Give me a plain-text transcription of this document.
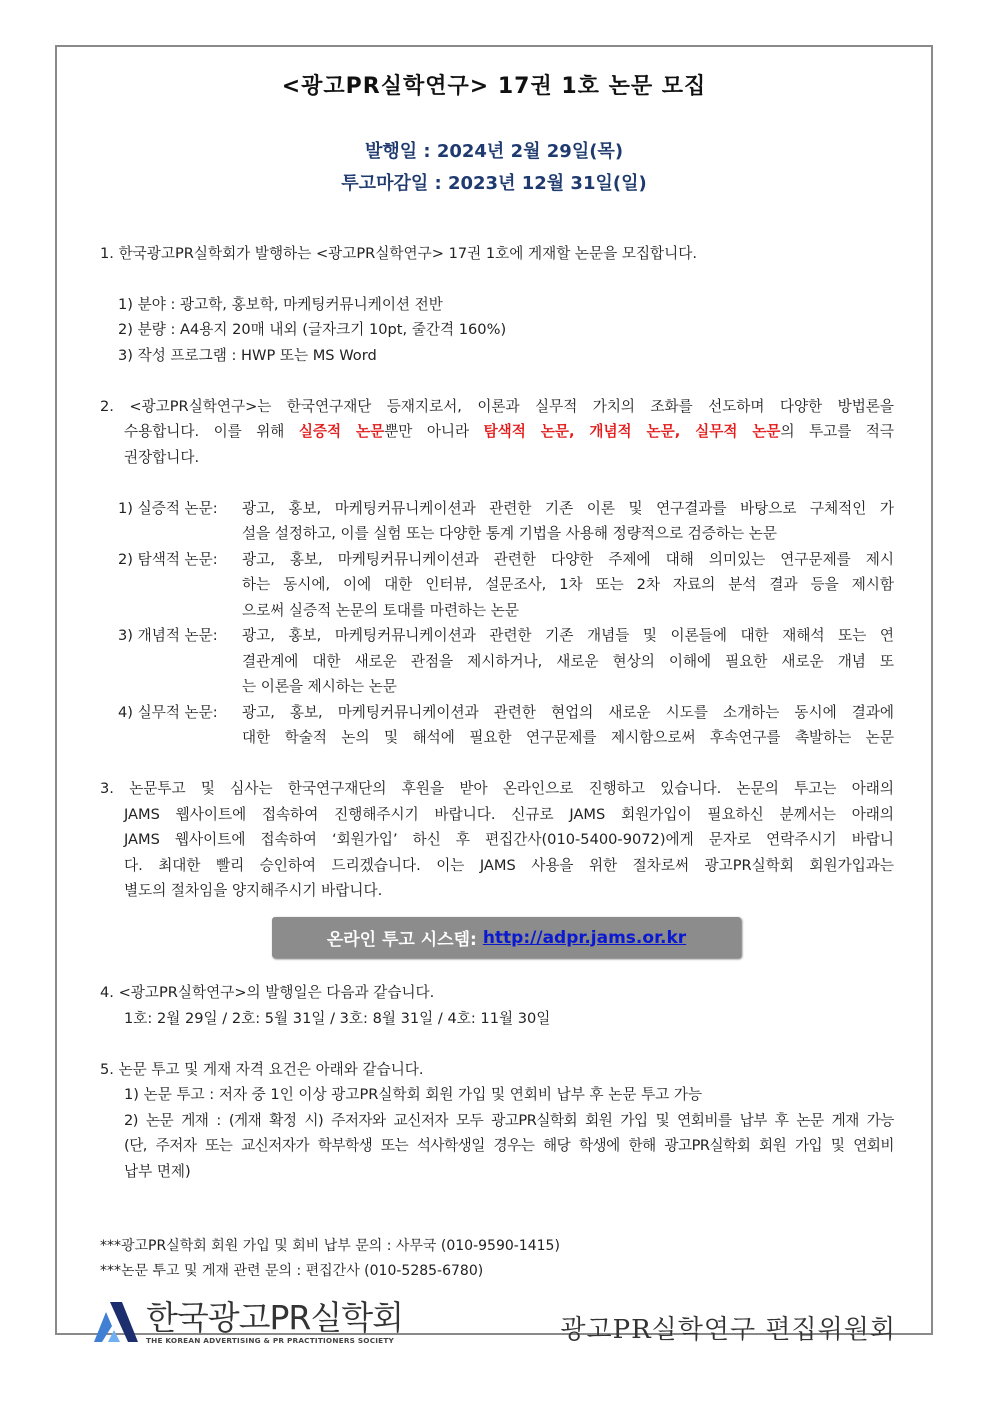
<광고PR실학연구> 17권 1호 논문 모집
발행일 : 2024년 2월 29일(목)
투고마감일 : 2023년 12월 31일(일)
1. 한국광고PR실학회가 발행하는 <광고PR실학연구> 17권 1호에 게재할 논문을 모집합니다.
1) 분야 : 광고학, 홍보학, 마케팅커뮤니케이션 전반
2) 분량 : A4용지 20매 내외 (글자크기 10pt, 줄간격 160%)
3) 작성 프로그램 : HWP 또는 MS Word
2. <광고PR실학연구>는 한국연구재단 등재지로서, 이론과 실무적 가치의 조화를 선도하며 다양한 방법론을
수용합니다. 이를 위해 실증적 논문뿐만 아니라 탐색적 논문, 개념적 논문, 실무적 논문의 투고를 적극
권장합니다.
1) 실증적 논문: 광고, 홍보, 마케팅커뮤니케이션과 관련한 기존 이론 및 연구결과를 바탕으로 구체적인 가
설을 설정하고, 이를 실험 또는 다양한 통계 기법을 사용해 정량적으로 검증하는 논문
2) 탐색적 논문: 광고, 홍보, 마케팅커뮤니케이션과 관련한 다양한 주제에 대해 의미있는 연구문제를 제시
하는 동시에, 이에 대한 인터뷰, 설문조사, 1차 또는 2차 자료의 분석 결과 등을 제시함
으로써 실증적 논문의 토대를 마련하는 논문
3) 개념적 논문: 광고, 홍보, 마케팅커뮤니케이션과 관련한 기존 개념들 및 이론들에 대한 재해석 또는 연
결관계에 대한 새로운 관점을 제시하거나, 새로운 현상의 이해에 필요한 새로운 개념 또
는 이론을 제시하는 논문
4) 실무적 논문: 광고, 홍보, 마케팅커뮤니케이션과 관련한 현업의 새로운 시도를 소개하는 동시에 결과에
대한 학술적 논의 및 해석에 필요한 연구문제를 제시함으로써 후속연구를 촉발하는 논문
3. 논문투고 및 심사는 한국연구재단의 후원을 받아 온라인으로 진행하고 있습니다. 논문의 투고는 아래의
JAMS 웹사이트에 접속하여 진행해주시기 바랍니다. 신규로 JAMS 회원가입이 필요하신 분께서는 아래의
JAMS 웹사이트에 접속하여 ‘회원가입’ 하신 후 편집간사(010-5400-9072)에게 문자로 연락주시기 바랍니
다. 최대한 빨리 승인하여 드리겠습니다. 이는 JAMS 사용을 위한 절차로써 광고PR실학회 회원가입과는
별도의 절차임을 양지해주시기 바랍니다.
온라인 투고 시스템: http://adpr.jams.or.kr
4. <광고PR실학연구>의 발행일은 다음과 같습니다.
1호: 2월 29일 / 2호: 5월 31일 / 3호: 8월 31일 / 4호: 11월 30일
5. 논문 투고 및 게재 자격 요건은 아래와 같습니다.
1) 논문 투고 : 저자 중 1인 이상 광고PR실학회 회원 가입 및 연회비 납부 후 논문 투고 가능
2) 논문 게재 : (게재 확정 시) 주저자와 교신저자 모두 광고PR실학회 회원 가입 및 연회비를 납부 후 논문 게재 가능
(단, 주저자 또는 교신저자가 학부학생 또는 석사학생일 경우는 해당 학생에 한해 광고PR실학회 회원 가입 및 연회비
납부 면제)
***광고PR실학회 회원 가입 및 회비 납부 문의 : 사무국 (010-9590-1415)
***논문 투고 및 게재 관련 문의 : 편집간사 (010-5285-6780)
한국광고PR실학회
THE KOREAN ADVERTISING & PR PRACTITIONERS SOCIETY	광고PR실학연구 편집위원회
